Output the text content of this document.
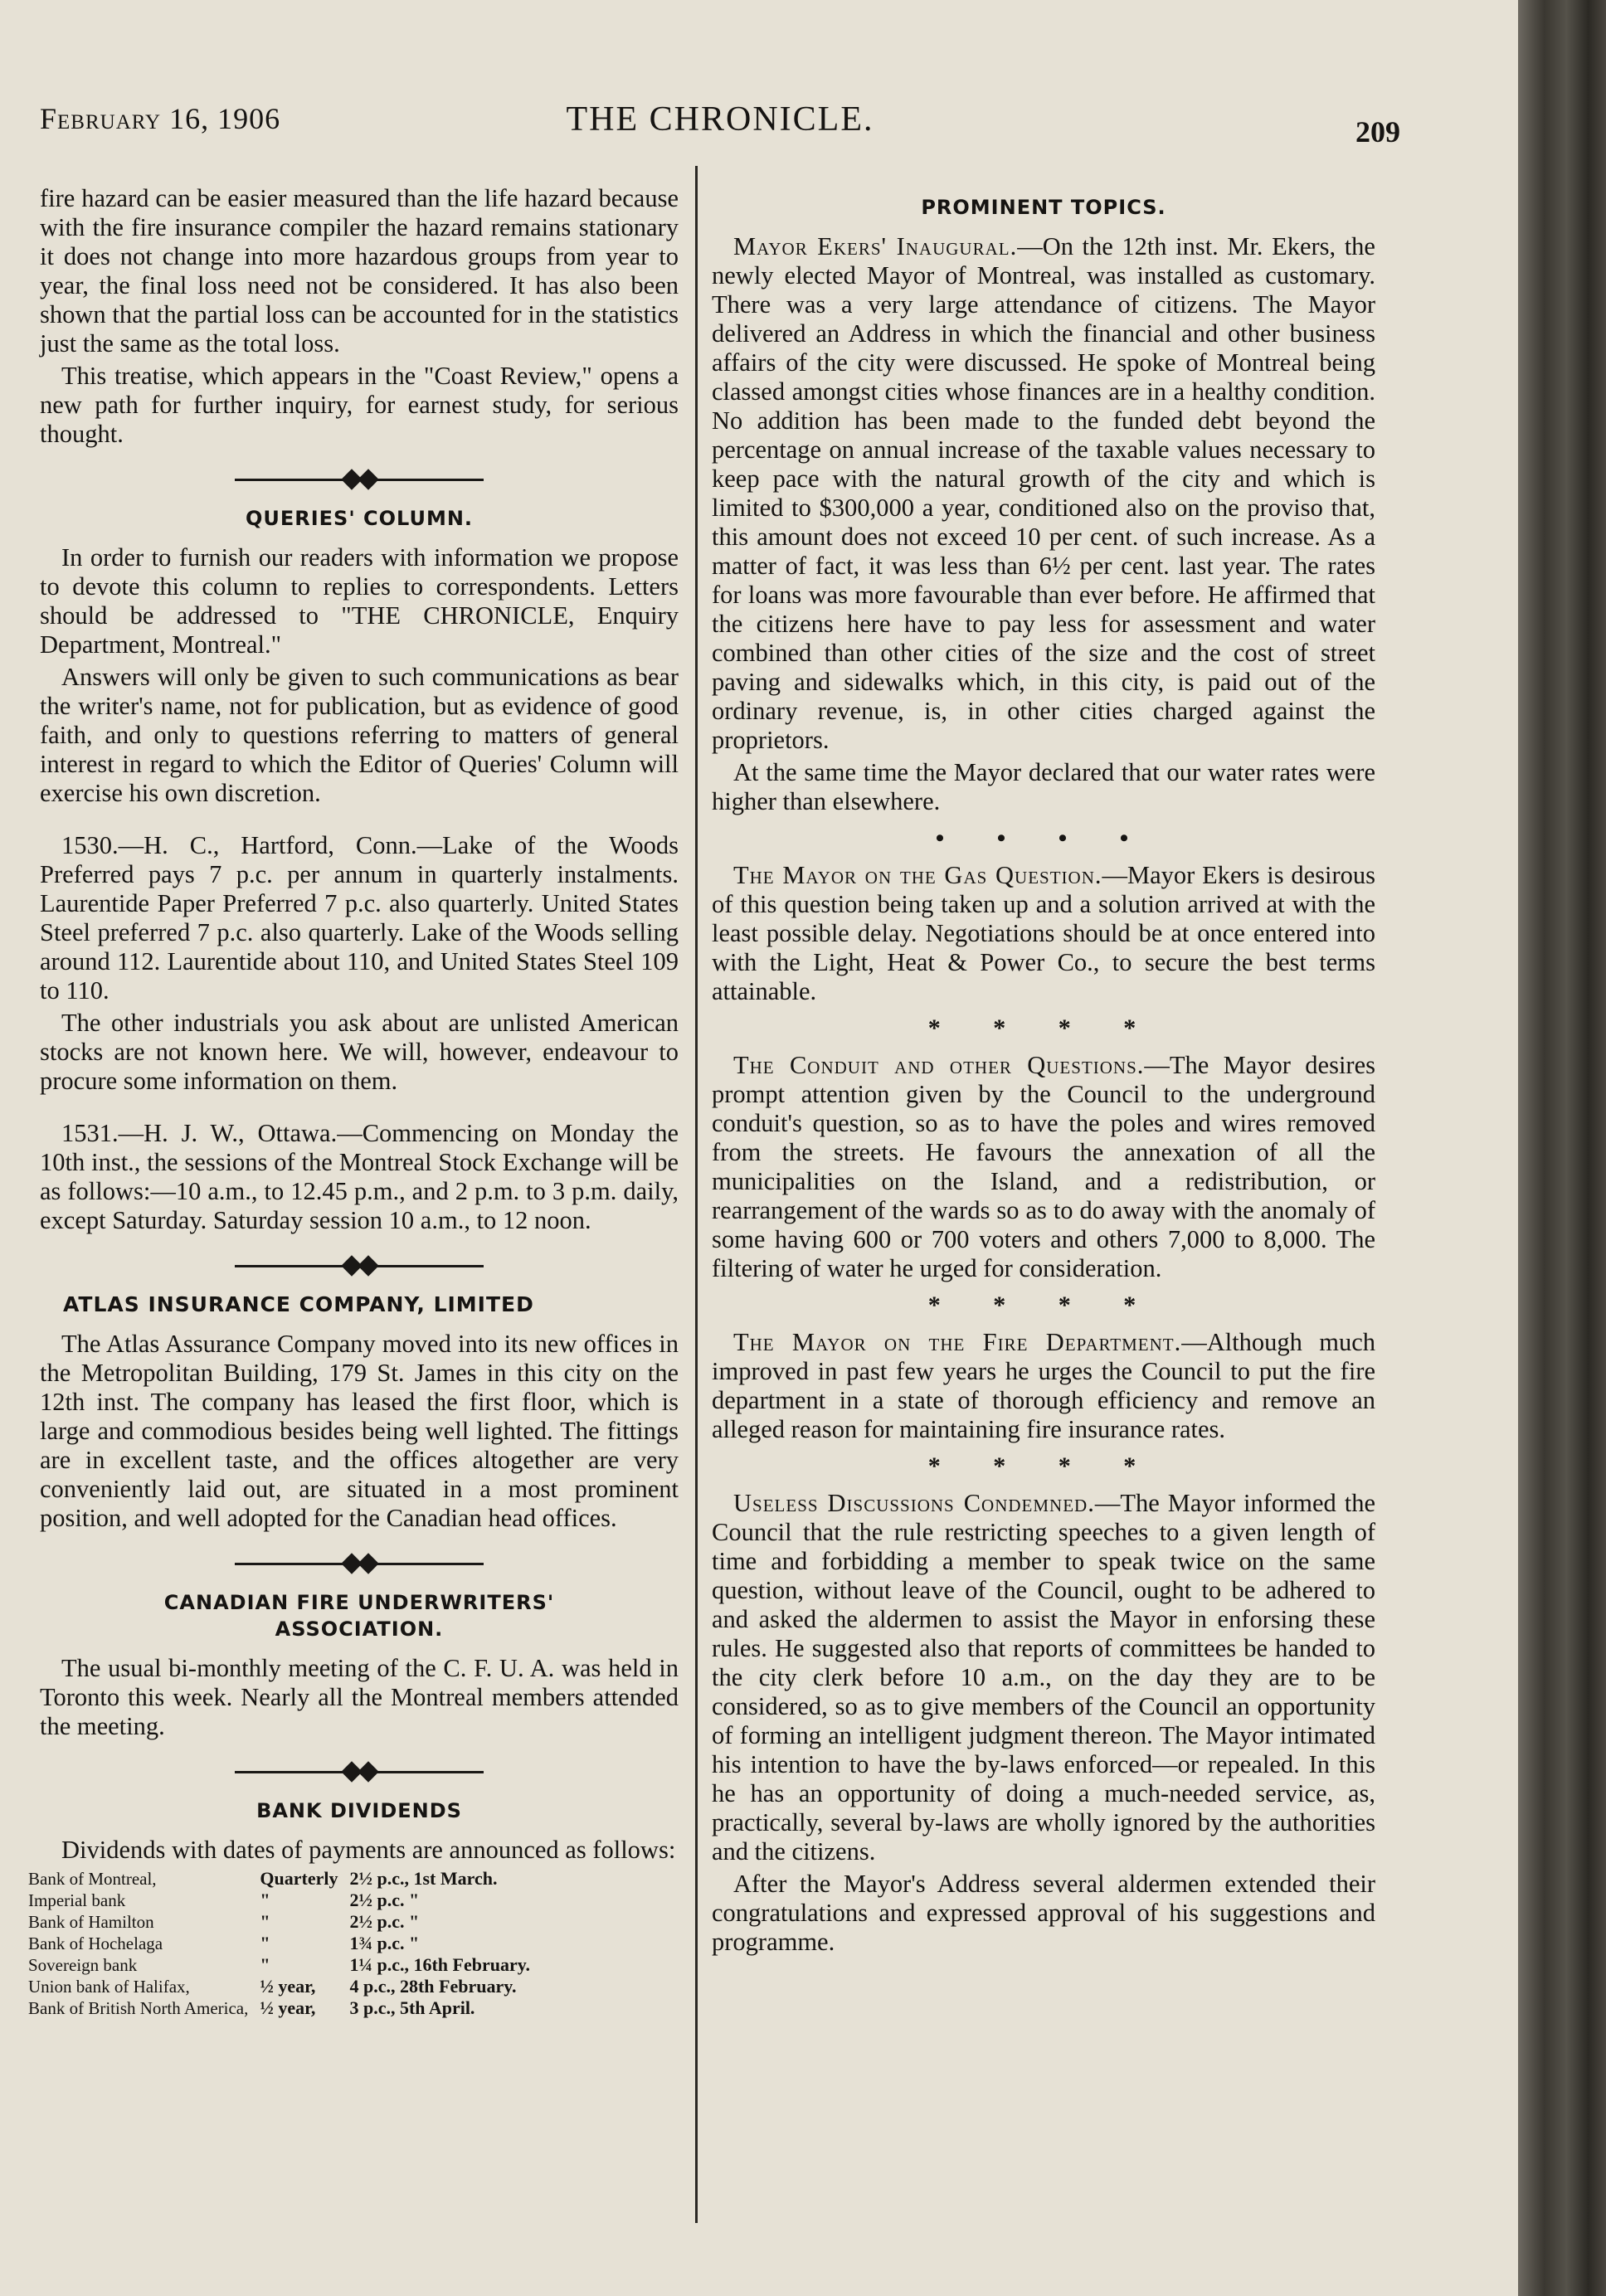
February 16, 1906	THE CHRONICLE.	209

fire hazard can be easier measured than the life hazard because with the fire insurance compiler the hazard remains stationary it does not change into more hazardous groups from year to year, the final loss need not be considered. It has also been shown that the partial loss can be accounted for in the statistics just the same as the total loss.

This treatise, which appears in the "Coast Review," opens a new path for further inquiry, for earnest study, for serious thought.

QUERIES' COLUMN.

In order to furnish our readers with information we propose to devote this column to replies to correspondents. Letters should be addressed to "THE CHRONICLE, Enquiry Department, Montreal."

Answers will only be given to such communications as bear the writer's name, not for publication, but as evidence of good faith, and only to questions referring to matters of general interest in regard to which the Editor of Queries' Column will exercise his own discretion.

1530.—H. C., Hartford, Conn.—Lake of the Woods Preferred pays 7 p.c. per annum in quarterly instalments. Laurentide Paper Preferred 7 p.c. also quarterly. United States Steel preferred 7 p.c. also quarterly. Lake of the Woods selling around 112. Laurentide about 110, and United States Steel 109 to 110.

The other industrials you ask about are unlisted American stocks are not known here. We will, however, endeavour to procure some information on them.

1531.—H. J. W., Ottawa.—Commencing on Monday the 10th inst., the sessions of the Montreal Stock Exchange will be as follows:—10 a.m., to 12.45 p.m., and 2 p.m. to 3 p.m. daily, except Saturday. Saturday session 10 a.m., to 12 noon.

ATLAS INSURANCE COMPANY, LIMITED

The Atlas Assurance Company moved into its new offices in the Metropolitan Building, 179 St. James in this city on the 12th inst. The company has leased the first floor, which is large and commodious besides being well lighted. The fittings are in excellent taste, and the offices altogether are very conveniently laid out, are situated in a most prominent position, and well adopted for the Canadian head offices.

CANADIAN FIRE UNDERWRITERS'
ASSOCIATION.

The usual bi-monthly meeting of the C. F. U. A. was held in Toronto this week. Nearly all the Montreal members attended the meeting.

BANK DIVIDENDS

Dividends with dates of payments are announced as follows:

Bank of Montreal,	Quarterly	2½ p.c., 1st March.
Imperial bank	"	2½ p.c. "
Bank of Hamilton	"	2½ p.c. "
Bank of Hochelaga	"	1¾ p.c. "
Sovereign bank	"	1¼ p.c., 16th February.
Union bank of Halifax,	½ year,	4 p.c., 28th February.
Bank of British North America,	½ year,	3 p.c., 5th April.
PROMINENT TOPICS.

Mayor Ekers' Inaugural.—On the 12th inst. Mr. Ekers, the newly elected Mayor of Montreal, was installed as customary. There was a very large attendance of citizens. The Mayor delivered an Address in which the financial and other business affairs of the city were discussed. He spoke of Montreal being classed amongst cities whose finances are in a healthy condition. No addition has been made to the funded debt beyond the percentage on annual increase of the taxable values necessary to keep pace with the natural growth of the city and which is limited to $300,000 a year, conditioned also on the proviso that, this amount does not exceed 10 per cent. of such increase. As a matter of fact, it was less than 6½ per cent. last year. The rates for loans was more favourable than ever before. He affirmed that the citizens here have to pay less for assessment and water combined than other cities of the size and the cost of street paving and sidewalks which, in this city, is paid out of the ordinary revenue, is, in other cities charged against the proprietors.

At the same time the Mayor declared that our water rates were higher than elsewhere.

• • • •

The Mayor on the Gas Question.—Mayor Ekers is desirous of this question being taken up and a solution arrived at with the least possible delay. Negotiations should be at once entered into with the Light, Heat & Power Co., to secure the best terms attainable.

* * * *

The Conduit and other Questions.—The Mayor desires prompt attention given by the Council to the underground conduit's question, so as to have the poles and wires removed from the streets. He favours the annexation of all the municipalities on the Island, and a redistribution, or rearrangement of the wards so as to do away with the anomaly of some having 600 or 700 voters and others 7,000 to 8,000. The filtering of water he urged for consideration.

* * * *

The Mayor on the Fire Department.—Although much improved in past few years he urges the Council to put the fire department in a state of thorough efficiency and remove an alleged reason for maintaining fire insurance rates.

* * * *

Useless Discussions Condemned.—The Mayor informed the Council that the rule restricting speeches to a given length of time and forbidding a member to speak twice on the same question, without leave of the Council, ought to be adhered to and asked the aldermen to assist the Mayor in enforsing these rules. He suggested also that reports of committees be handed to the city clerk before 10 a.m., on the day they are to be considered, so as to give members of the Council an opportunity of forming an intelligent judgment thereon. The Mayor intimated his intention to have the by-laws enforced—or repealed. In this he has an opportunity of doing a much-needed service, as, practically, several by-laws are wholly ignored by the authorities and the citizens.

After the Mayor's Address several aldermen extended their congratulations and expressed approval of his suggestions and programme.
